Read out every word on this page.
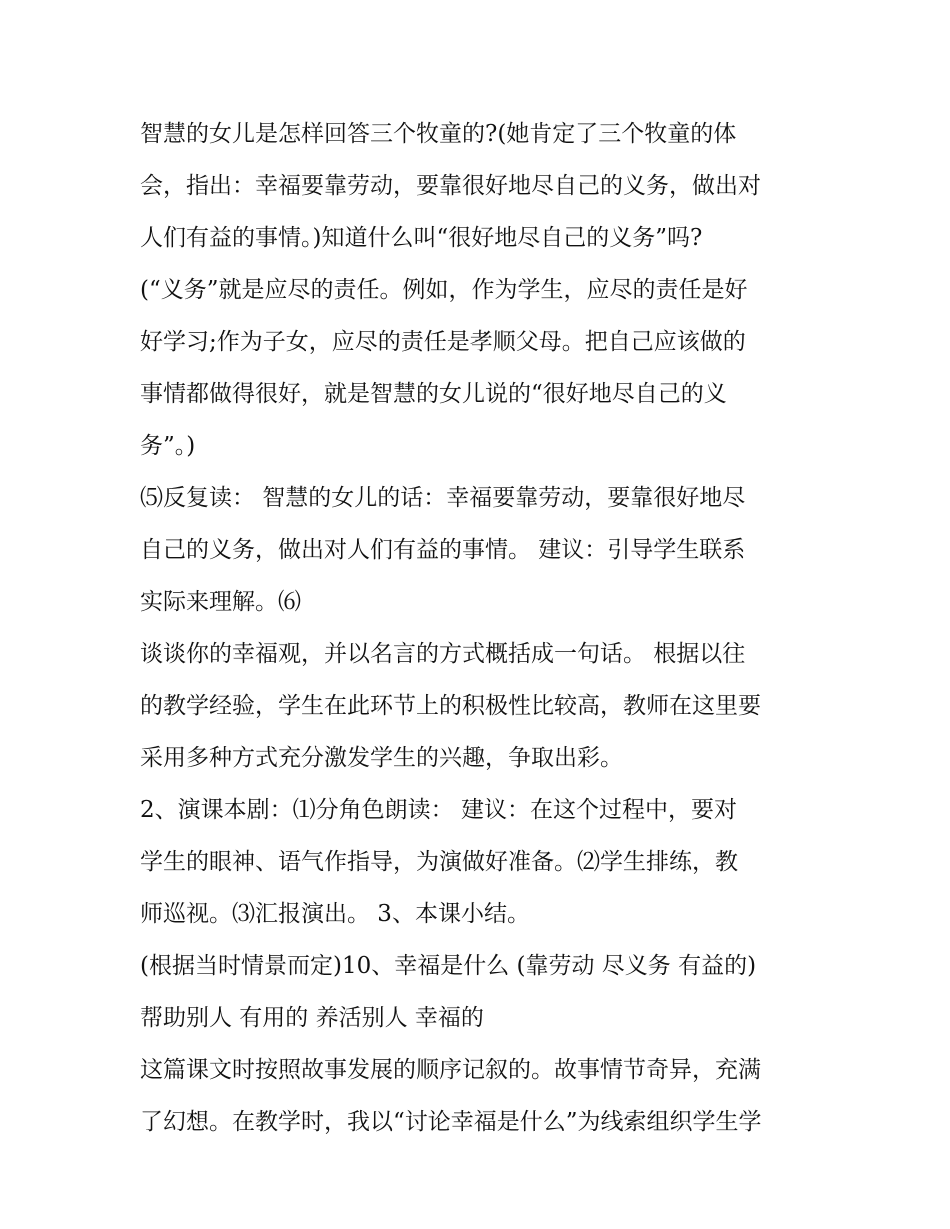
智慧的女儿是怎样回答三个牧童的?(她肯定了三个牧童的体
会，指出：幸福要靠劳动，要靠很好地尽自己的义务，做出对
人们有益的事情。)知道什么叫“很好地尽自己的义务”吗?
(“义务”就是应尽的责任。例如，作为学生，应尽的责任是好
好学习;作为子女，应尽的责任是孝顺父母。把自己应该做的
事情都做得很好，就是智慧的女儿说的“很好地尽自己的义
务”。)
⑸反复读： 智慧的女儿的话：幸福要靠劳动，要靠很好地尽
自己的义务，做出对人们有益的事情。 建议：引导学生联系
实际来理解。⑹
谈谈你的幸福观，并以名言的方式概括成一句话。 根据以往
的教学经验，学生在此环节上的积极性比较高，教师在这里要
采用多种方式充分激发学生的兴趣，争取出彩。
2、演课本剧：⑴分角色朗读： 建议：在这个过程中，要对
学生的眼神、语气作指导，为演做好准备。⑵学生排练，教
师巡视。⑶汇报演出。 3、本课小结。
(根据当时情景而定)10、幸福是什么 (靠劳动 尽义务 有益的)
帮助别人 有用的 养活别人 幸福的
这篇课文时按照故事发展的顺序记叙的。故事情节奇异，充满
了幻想。在教学时，我以“讨论幸福是什么”为线索组织学生学
